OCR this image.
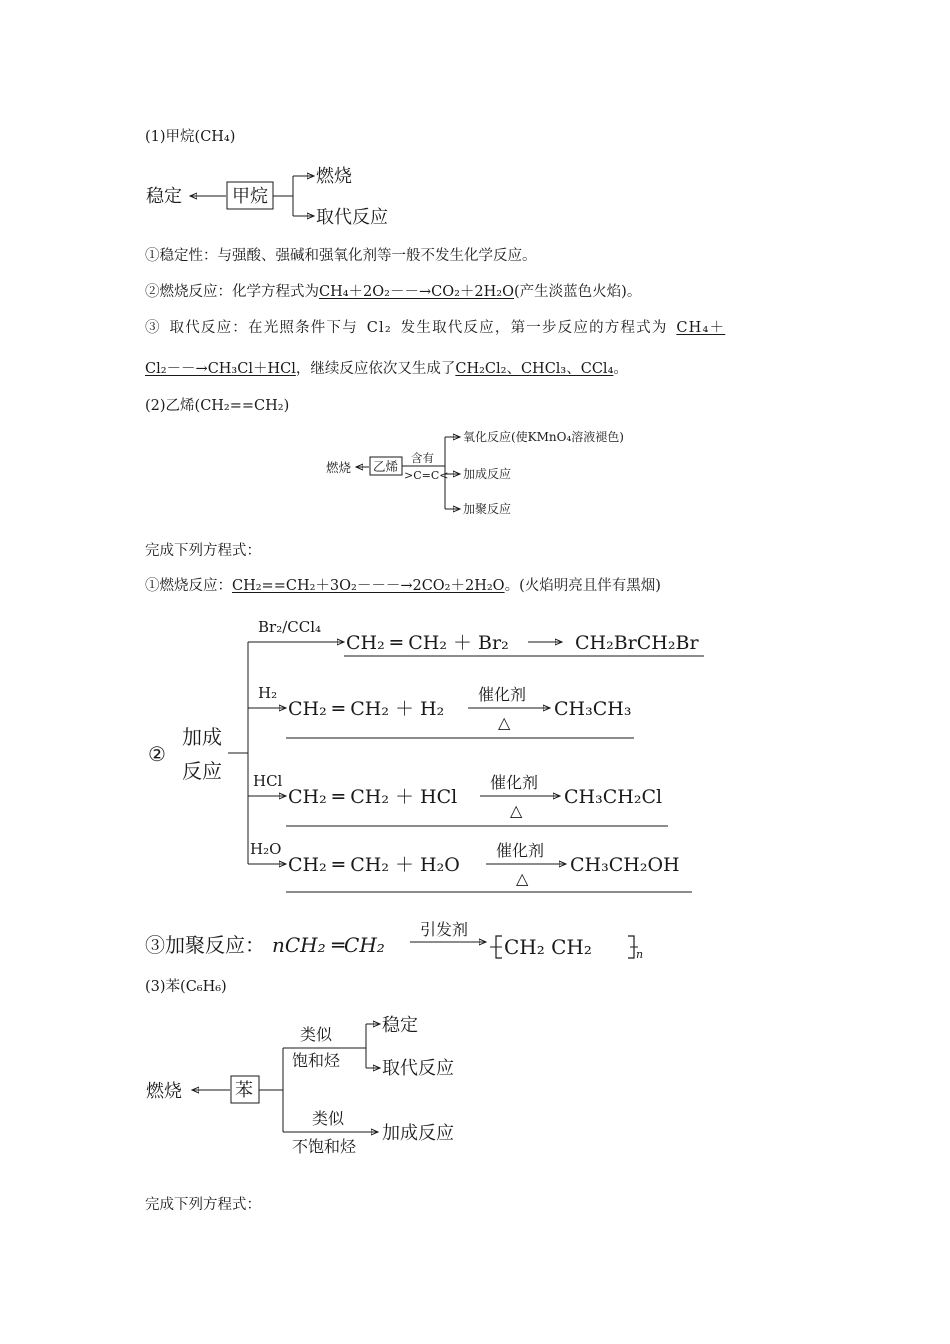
(1)甲烷(CH₄)
稳定	甲烷
燃烧
取代反应
①稳定性：与强酸、强碱和强氧化剂等一般不发生化学反应。
②燃烧反应：化学方程式为CH₄＋2O₂－－→CO₂＋2H₂O(产生淡蓝色火焰)。
③ 取代反应：在光照条件下与 Cl₂ 发生取代反应，第一步反应的方程式为 CH₄＋
Cl₂－－→CH₃Cl＋HCl，继续反应依次又生成了CH₂Cl₂、CHCl₃、CCl₄。
(2)乙烯(CH₂==CH₂)
燃烧 乙烯
含有
>C=C<
氧化反应(使KMnO₄溶液褪色)
加成反应
加聚反应
完成下列方程式：
①燃烧反应：CH₂==CH₂＋3O₂－－－→2CO₂＋2H₂O。(火焰明亮且伴有黑烟)
②
加成
反应
Br₂/CCl₄
CH₂ ═ CH₂ ＋ Br₂	CH₂BrCH₂Br
H₂
CH₂ ═ CH₂ ＋ H₂
催化剂
△
CH₃CH₃
HCl
CH₂ ═ CH₂ ＋ HCl
催化剂
△
CH₃CH₂Cl
H₂O
CH₂ ═ CH₂ ＋ H₂O
催化剂
△
CH₃CH₂OH
③加聚反应： nCH₂ ═CH₂
引发剂
CH₂ CH₂	n
(3)苯(C₆H₆)
燃烧	苯
类似
饱和烃
稳定
取代反应
类似
不饱和烃
加成反应
完成下列方程式：
